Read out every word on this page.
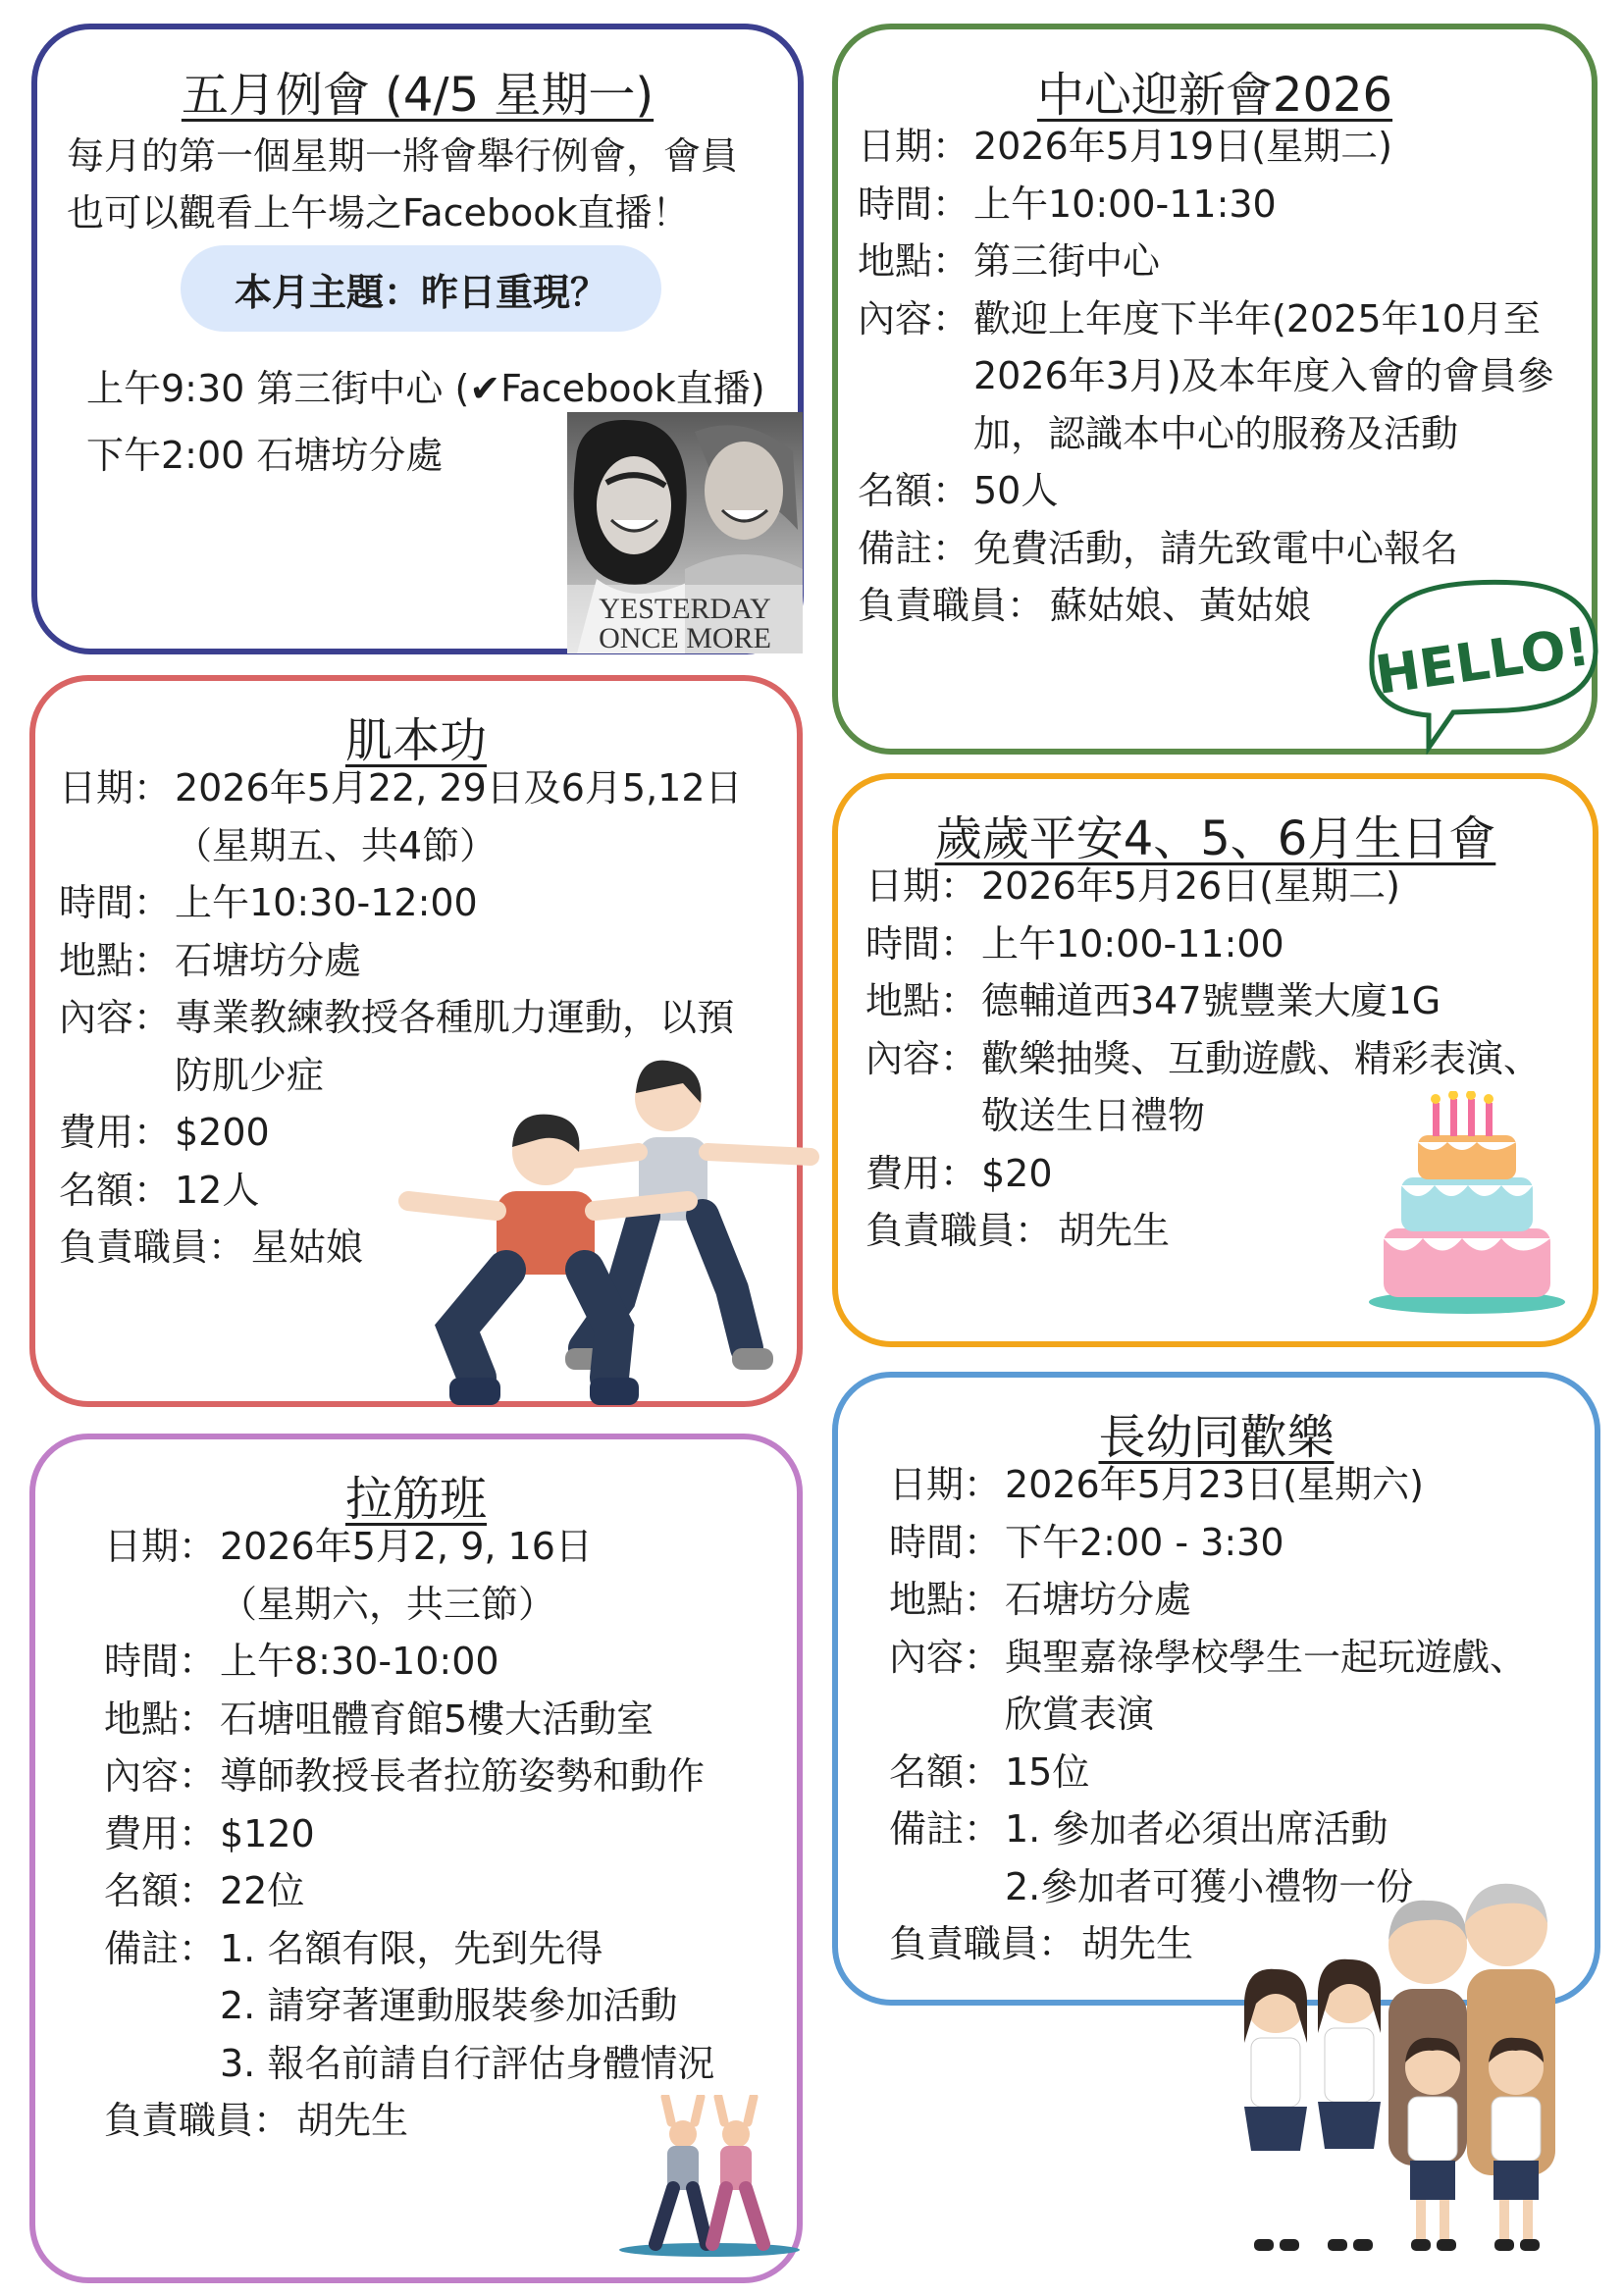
五月例會 (4/5 星期一)
每月的第一個星期一將會舉行例會，會員
也可以觀看上午場之Facebook直播！
本月主題：昨日重現？
上午9:30 第三街中心 (✔Facebook直播)
下午2:00 石塘坊分處
YESTERDAY
ONCE MORE
中心迎新會2026
日期： 2026年5月19日(星期二)
時間： 上午10:00-11:30
地點： 第三街中心
內容： 歡迎上年度下半年(2025年10月至
2026年3月)及本年度入會的會員參
加，認識本中心的服務及活動
名額： 50人
備註： 免費活動，請先致電中心報名
負責職員： 蘇姑娘、黃姑娘
HELLO!
肌本功
日期： 2026年5月22, 29日及6月5,12日
（星期五、共4節）
時間： 上午10:30-12:00
地點： 石塘坊分處
內容： 專業教練教授各種肌力運動，以預
防肌少症
費用： $200
名額： 12人
負責職員： 星姑娘
歲歲平安4、5、6月生日會
日期： 2026年5月26日(星期二)
時間： 上午10:00-11:00
地點： 德輔道西347號豐業大廈1G
內容： 歡樂抽獎、互動遊戲、精彩表演、
敬送生日禮物
費用： $20
負責職員： 胡先生
拉筋班
日期： 2026年5月2, 9, 16日
（星期六，共三節）
時間： 上午8:30-10:00
地點： 石塘咀體育館5樓大活動室
內容： 導師教授長者拉筋姿勢和動作
費用： $120
名額： 22位
備註： 1. 名額有限，先到先得
2. 請穿著運動服裝參加活動
3. 報名前請自行評估身體情況
負責職員： 胡先生
長幼同歡樂
日期： 2026年5月23日(星期六)
時間： 下午2:00 - 3:30
地點： 石塘坊分處
內容： 與聖嘉祿學校學生一起玩遊戲、
欣賞表演
名額： 15位
備註： 1. 參加者必須出席活動
2.參加者可獲小禮物一份
負責職員： 胡先生
